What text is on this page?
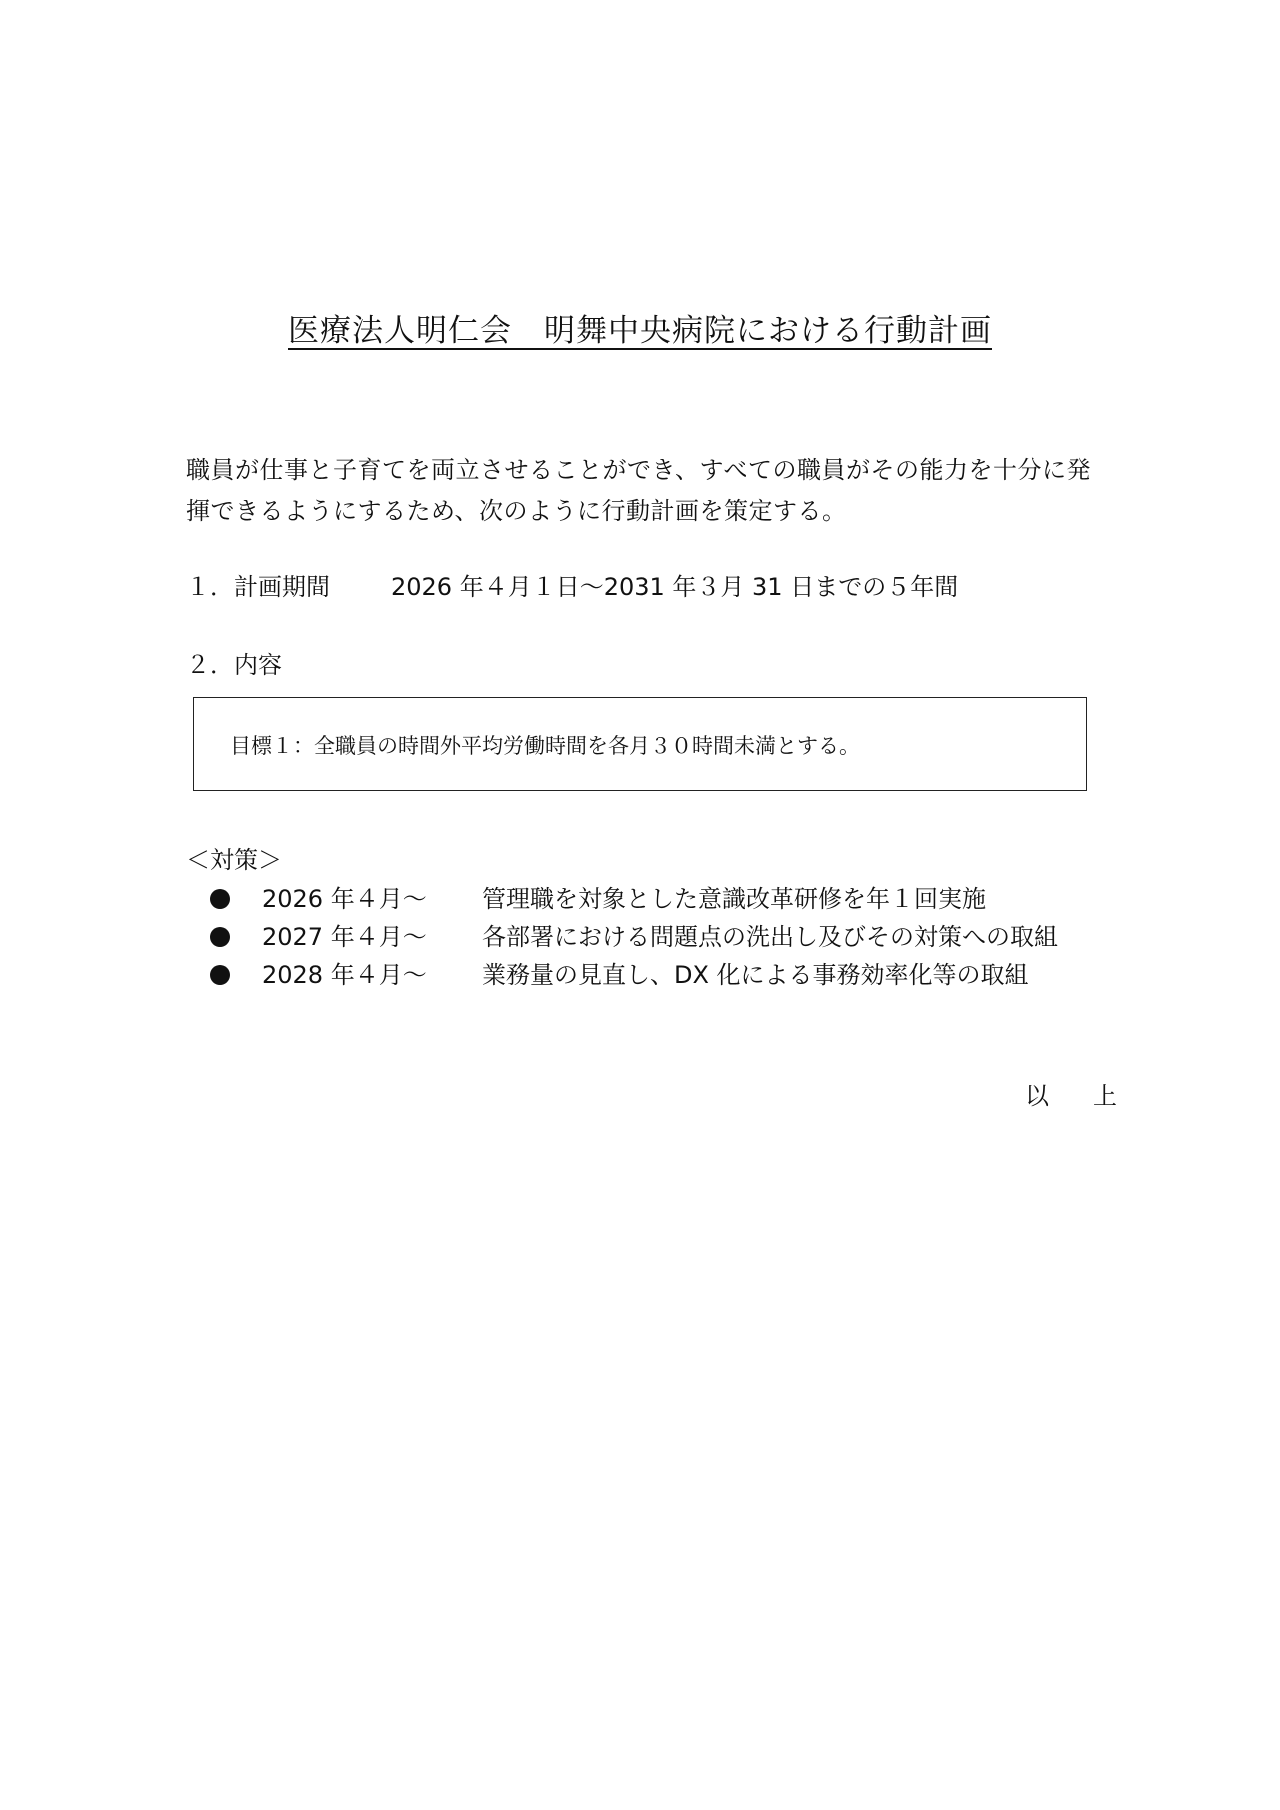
医療法人明仁会　明舞中央病院における行動計画
職員が仕事と子育てを両立させることができ、すべての職員がその能力を十分に発揮できるようにするため、次のように行動計画を策定する。
１．計画期間	2026 年４月１日～2031 年３月 31 日までの５年間
２．内容
目標１：全職員の時間外平均労働時間を各月３０時間未満とする。
＜対策＞
2026 年４月～	管理職を対象とした意識改革研修を年１回実施
2027 年４月～	各部署における問題点の洗出し及びその対策への取組
2028 年４月～	業務量の見直し、DX 化による事務効率化等の取組
以　上
